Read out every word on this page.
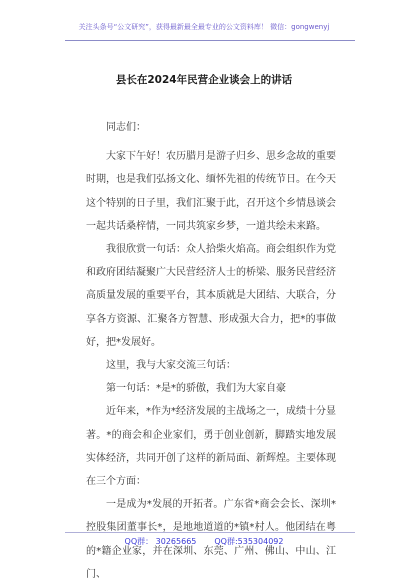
关注头条号“公文研究”，获得最新最全最专业的公文资料库！ 微信：gongwenyj
县长在2024年民营企业谈会上的讲话

同志们：

大家下午好！农历腊月是游子归乡、思乡念故的重要时期，也是我们弘扬文化、缅怀先祖的传统节日。在今天这个特别的日子里，我们汇聚于此，召开这个乡情恳谈会一起共话桑梓情，一同共筑家乡梦，一道共绘未来路。

我很欣赏一句话：众人拾柴火焰高。商会组织作为党和政府团结凝聚广大民营经济人士的桥梁、服务民营经济高质量发展的重要平台，其本质就是大团结、大联合，分享各方资源、汇聚各方智慧、形成强大合力，把*的事做好，把*发展好。

这里，我与大家交流三句话：

第一句话：*是*的骄傲，我们为大家自豪

近年来，*作为*经济发展的主战场之一，成绩十分显著。*的商会和企业家们，勇于创业创新，脚踏实地发展实体经济，共同开创了这样的新局面、新辉煌。主要体现在三个方面：

一是成为*发展的开拓者。广东省*商会会长、深圳*控股集团董事长*，是地地道道的*镇*村人。他团结在粤的*籍企业家，并在深圳、东莞、广州、佛山、中山、江门、

QQ群： 30265665 QQ群:535304092
